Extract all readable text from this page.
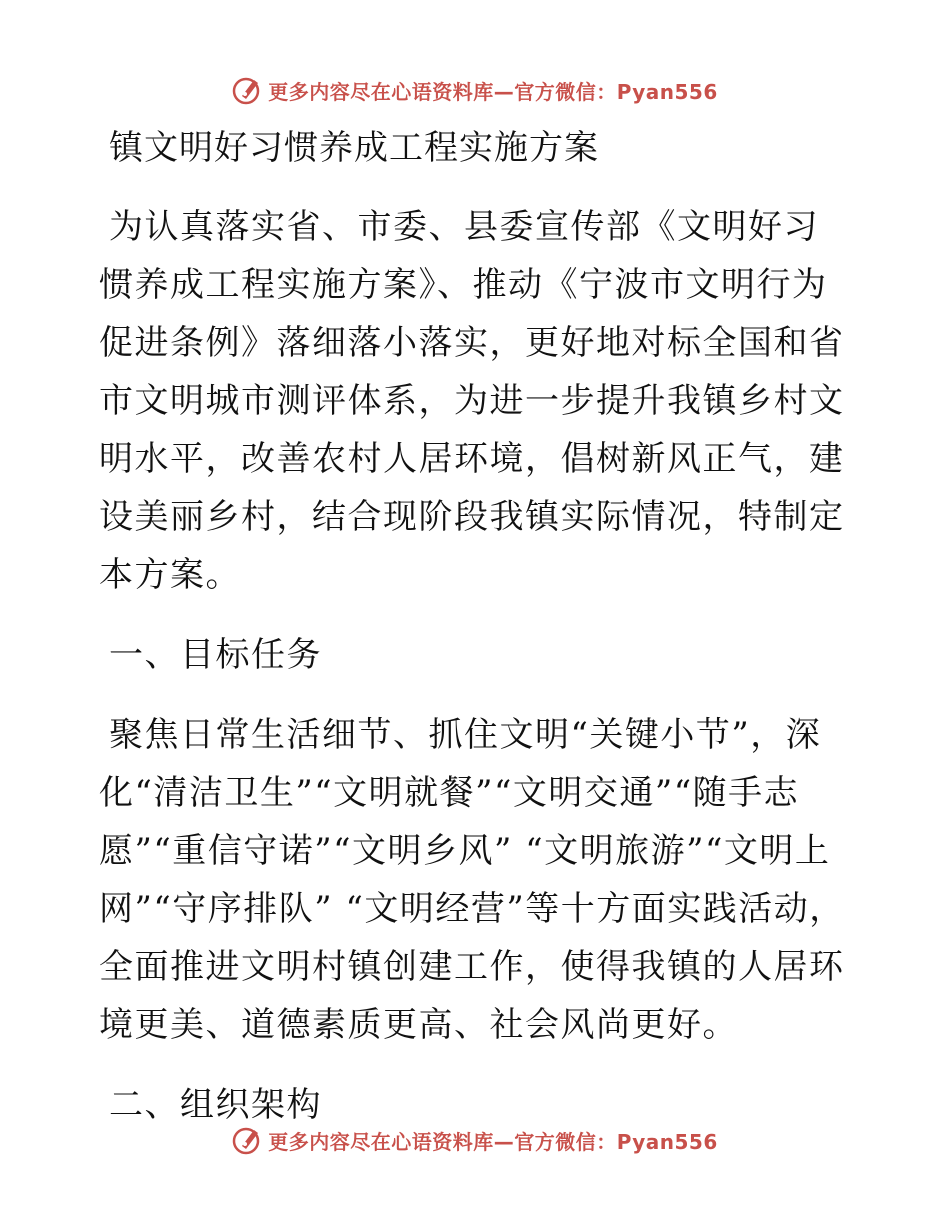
更多内容尽在心语资料库—官方微信：Pyan556
镇文明好习惯养成工程实施方案

为认真落实省、市委、县委宣传部《文明好习惯养成工程实施方案》、推动《宁波市文明行为促进条例》落细落小落实，更好地对标全国和省市文明城市测评体系，为进一步提升我镇乡村文明水平，改善农村人居环境，倡树新风正气，建设美丽乡村，结合现阶段我镇实际情况，特制定本方案。

一、目标任务

聚焦日常生活细节、抓住文明“关键小节”，深化“清洁卫生”“文明就餐”“文明交通”“随手志愿”“重信守诺”“文明乡风” “文明旅游”“文明上网”“守序排队” “文明经营”等十方面实践活动，全面推进文明村镇创建工作，使得我镇的人居环境更美、道德素质更高、社会风尚更好。

二、组织架构
更多内容尽在心语资料库—官方微信：Pyan556
